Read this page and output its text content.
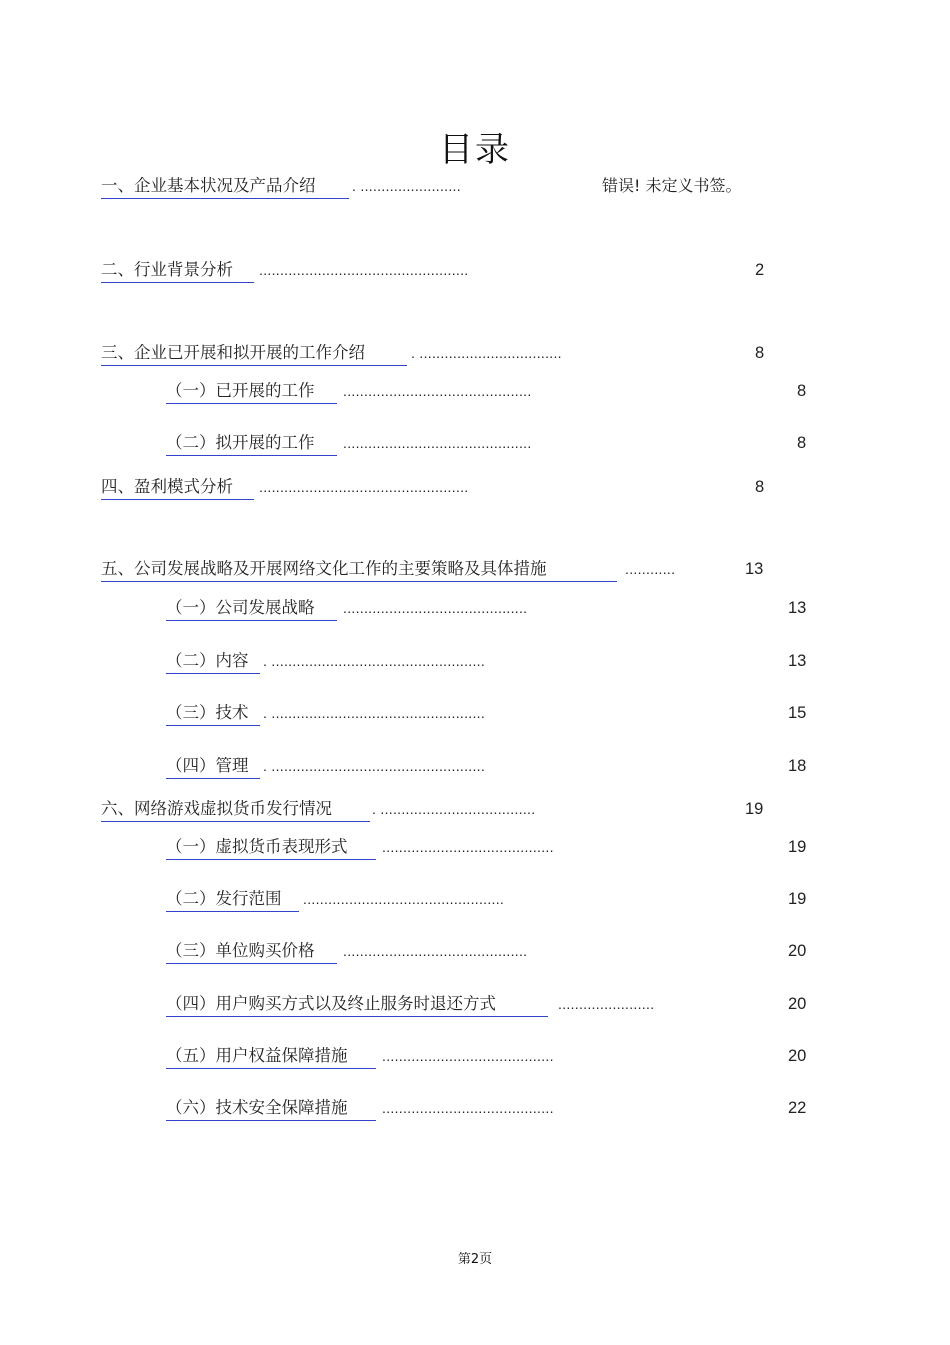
目录
一、企业基本状况及产品介绍	. ........................	错误! 未定义书签。
二、行业背景分析	..................................................	2
三、企业已开展和拟开展的工作介绍	. ..................................	8
（一）已开展的工作	.............................................	8
（二）拟开展的工作	.............................................	8
四、盈利模式分析	..................................................	8
五、公司发展战略及开展网络文化工作的主要策略及具体措施	............	13
（一）公司发展战略	............................................	13
（二）内容	. ...................................................	13
（三）技术	. ...................................................	15
（四）管理	. ...................................................	18
六、网络游戏虚拟货币发行情况	. .....................................	19
（一）虚拟货币表现形式	.........................................	19
（二）发行范围	................................................	19
（三）单位购买价格	............................................	20
（四）用户购买方式以及终止服务时退还方式	.......................	20
（五）用户权益保障措施	.........................................	20
（六）技术安全保障措施	.........................................	22
第2页
